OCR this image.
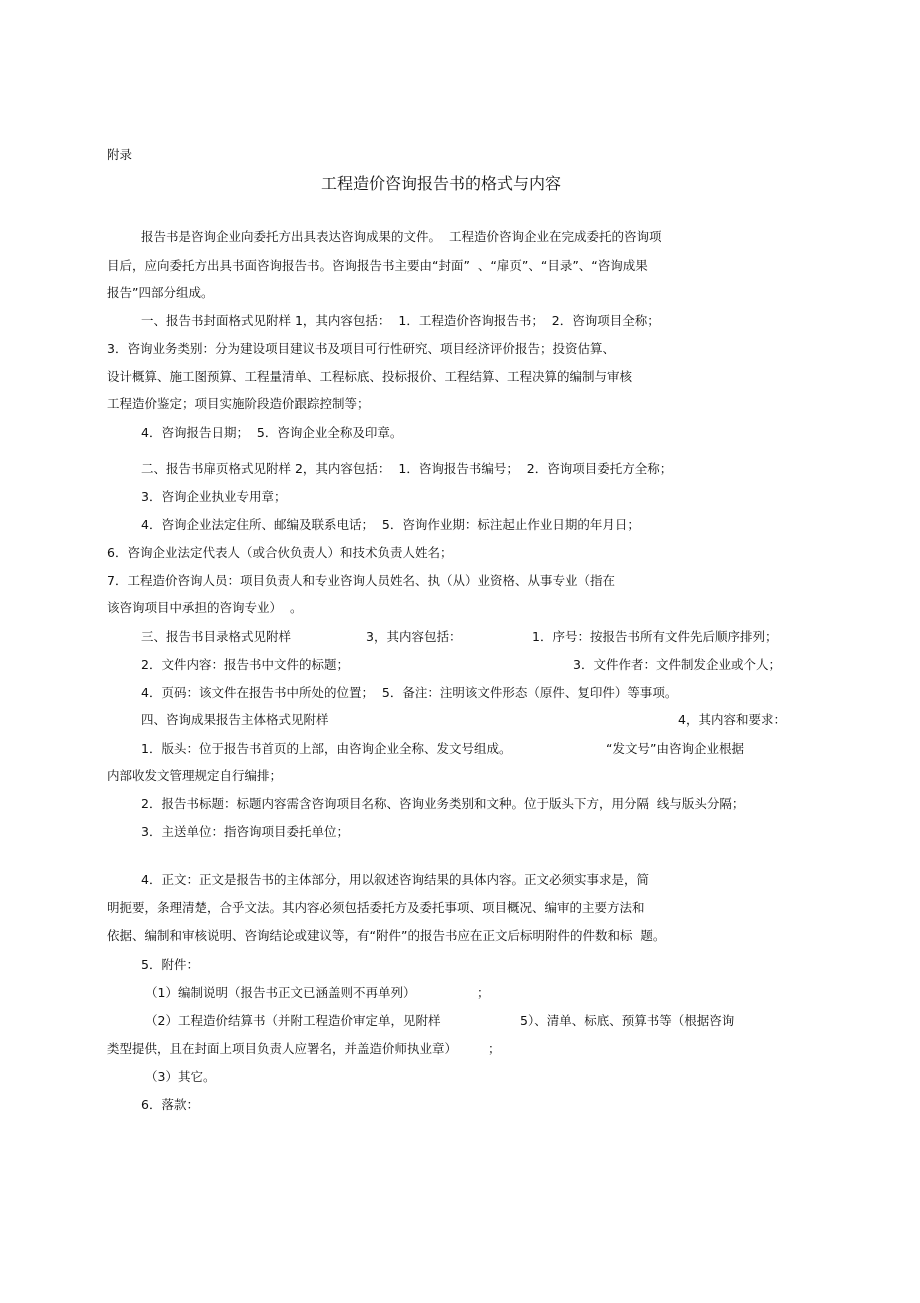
附录
工程造价咨询报告书的格式与内容
报告书是咨询企业向委托方出具表达咨询成果的文件。  工程造价咨询企业在完成委托的咨询项
目后，应向委托方出具书面咨询报告书。咨询报告书主要由“封面”  、“扉页”、“目录”、“咨询成果
报告”四部分组成。
一、报告书封面格式见附样 1，其内容包括：  1．工程造价咨询报告书；  2．咨询项目全称；
3．咨询业务类别：分为建设项目建议书及项目可行性研究、项目经济评价报告；投资估算、
设计概算、施工图预算、工程量清单、工程标底、投标报价、工程结算、工程决算的编制与审核
工程造价鉴定；项目实施阶段造价跟踪控制等；
4．咨询报告日期；  5．咨询企业全称及印章。
二、报告书扉页格式见附样 2，其内容包括：  1．咨询报告书编号；  2．咨询项目委托方全称；
3．咨询企业执业专用章；
4．咨询企业法定住所、邮编及联系电话；  5．咨询作业期：标注起止作业日期的年月日；
6．咨询企业法定代表人（或合伙负责人）和技术负责人姓名；
7．工程造价咨询人员：项目负责人和专业咨询人员姓名、执（从）业资格、从事专业（指在
该咨询项目中承担的咨询专业）  。
三、报告书目录格式见附样	3，其内容包括：	1．序号：按报告书所有文件先后顺序排列；
2．文件内容：报告书中文件的标题；	3．文件作者：文件制发企业或个人；
4．页码：该文件在报告书中所处的位置；  5．备注：注明该文件形态（原件、复印件）等事项。
四、咨询成果报告主体格式见附样	4，其内容和要求：
1．版头：位于报告书首页的上部，由咨询企业全称、发文号组成。	“发文号”由咨询企业根据
内部收发文管理规定自行编排；
2．报告书标题：标题内容需含咨询项目名称、咨询业务类别和文种。位于版头下方，用分隔  线与版头分隔；
3．主送单位：指咨询项目委托单位；
4．正文：正文是报告书的主体部分，用以叙述咨询结果的具体内容。正文必须实事求是，简
明扼要，条理清楚，合乎文法。其内容必须包括委托方及委托事项、项目概况、编审的主要方法和
依据、编制和审核说明、咨询结论或建议等，有“附件”的报告书应在正文后标明附件的件数和标  题。
5．附件：
（1）编制说明（报告书正文已涵盖则不再单列）	；
（2）工程造价结算书（并附工程造价审定单，见附样	5）、清单、标底、预算书等（根据咨询
类型提供，且在封面上项目负责人应署名，并盖造价师执业章） ；
（3）其它。
6．落款：
